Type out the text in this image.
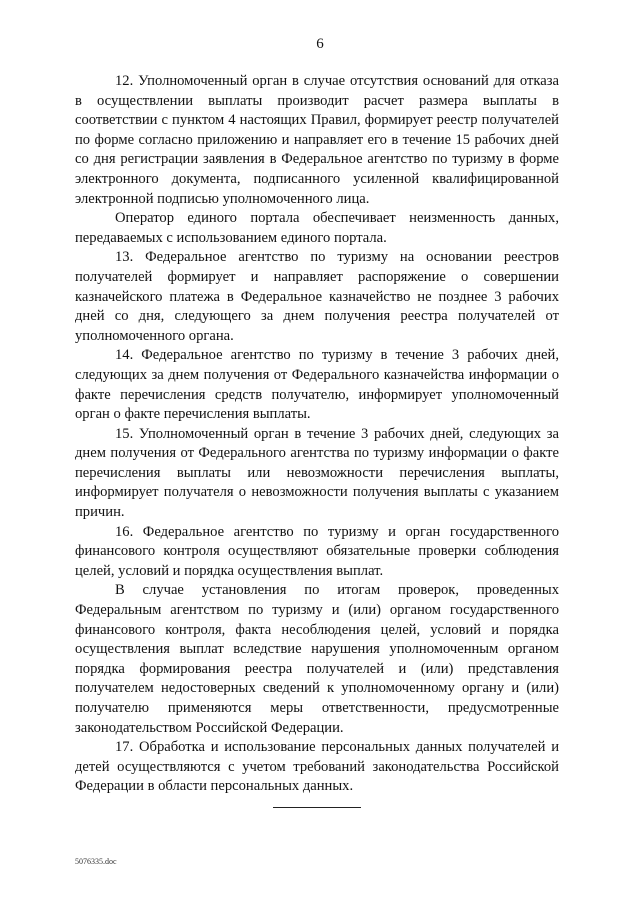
6

12. Уполномоченный орган в случае отсутствия оснований для отказа в осуществлении выплаты производит расчет размера выплаты в соответствии с пунктом 4 настоящих Правил, формирует реестр получателей по форме согласно приложению и направляет его в течение 15 рабочих дней со дня регистрации заявления в Федеральное агентство по туризму в форме электронного документа, подписанного усиленной квалифицированной электронной подписью уполномоченного лица.

Оператор единого портала обеспечивает неизменность данных, передаваемых с использованием единого портала.

13. Федеральное агентство по туризму на основании реестров получателей формирует и направляет распоряжение о совершении казначейского платежа в Федеральное казначейство не позднее 3 рабочих дней со дня, следующего за днем получения реестра получателей от уполномоченного органа.

14. Федеральное агентство по туризму в течение 3 рабочих дней, следующих за днем получения от Федерального казначейства информации о факте перечисления средств получателю, информирует уполномоченный орган о факте перечисления выплаты.

15. Уполномоченный орган в течение 3 рабочих дней, следующих за днем получения от Федерального агентства по туризму информации о факте перечисления выплаты или невозможности перечисления выплаты, информирует получателя о невозможности получения выплаты с указанием причин.

16. Федеральное агентство по туризму и орган государственного финансового контроля осуществляют обязательные проверки соблюдения целей, условий и порядка осуществления выплат.

В случае установления по итогам проверок, проведенных Федеральным агентством по туризму и (или) органом государственного финансового контроля, факта несоблюдения целей, условий и порядка осуществления выплат вследствие нарушения уполномоченным органом порядка формирования реестра получателей и (или) представления получателем недостоверных сведений к уполномоченному органу и (или) получателю применяются меры ответственности, предусмотренные законодательством Российской Федерации.

17. Обработка и использование персональных данных получателей и детей осуществляются с учетом требований законодательства Российской Федерации в области персональных данных.

5076335.doc
